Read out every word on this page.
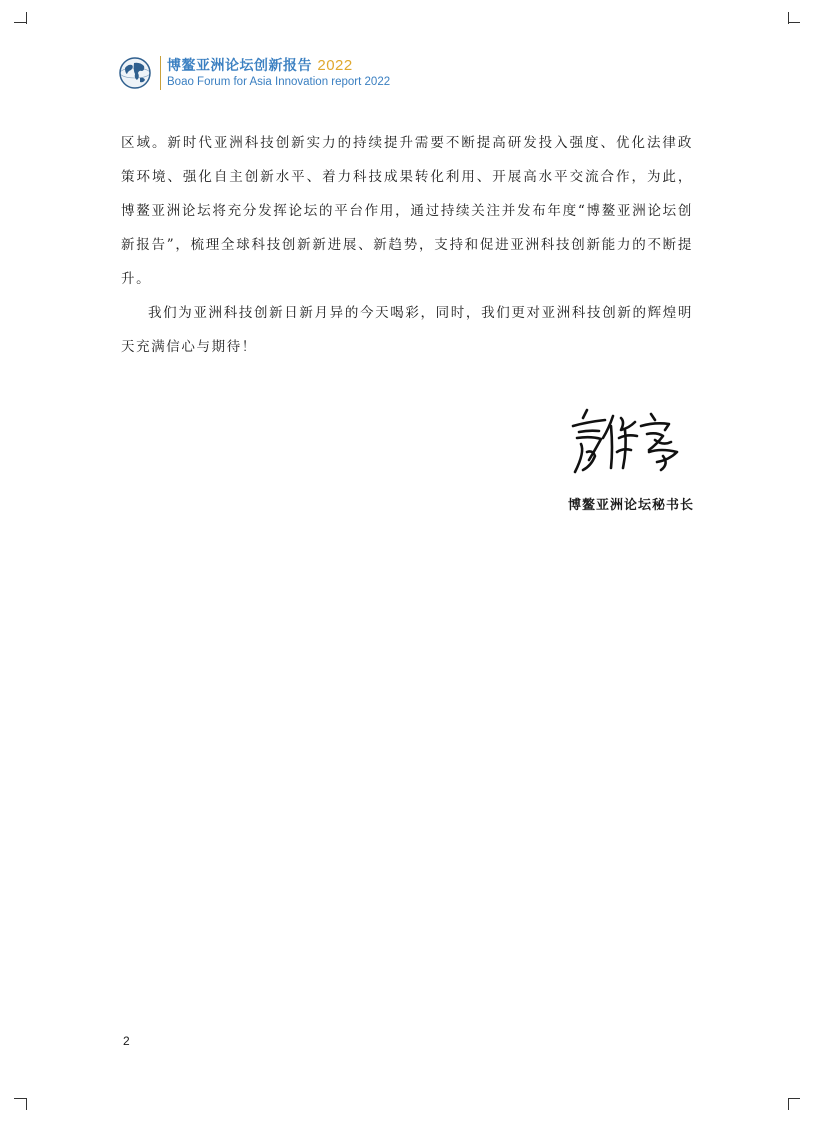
博鳌亚洲论坛创新报告 2022
Boao Forum for Asia Innovation report 2022

区域。新时代亚洲科技创新实力的持续提升需要不断提高研发投入强度、优化法律政策环境、强化自主创新水平、着力科技成果转化利用、开展高水平交流合作，为此，博鳌亚洲论坛将充分发挥论坛的平台作用，通过持续关注并发布年度“博鳌亚洲论坛创新报告”，梳理全球科技创新新进展、新趋势，支持和促进亚洲科技创新能力的不断提升。

我们为亚洲科技创新日新月异的今天喝彩，同时，我们更对亚洲科技创新的辉煌明天充满信心与期待！

博鳌亚洲论坛秘书长
2
